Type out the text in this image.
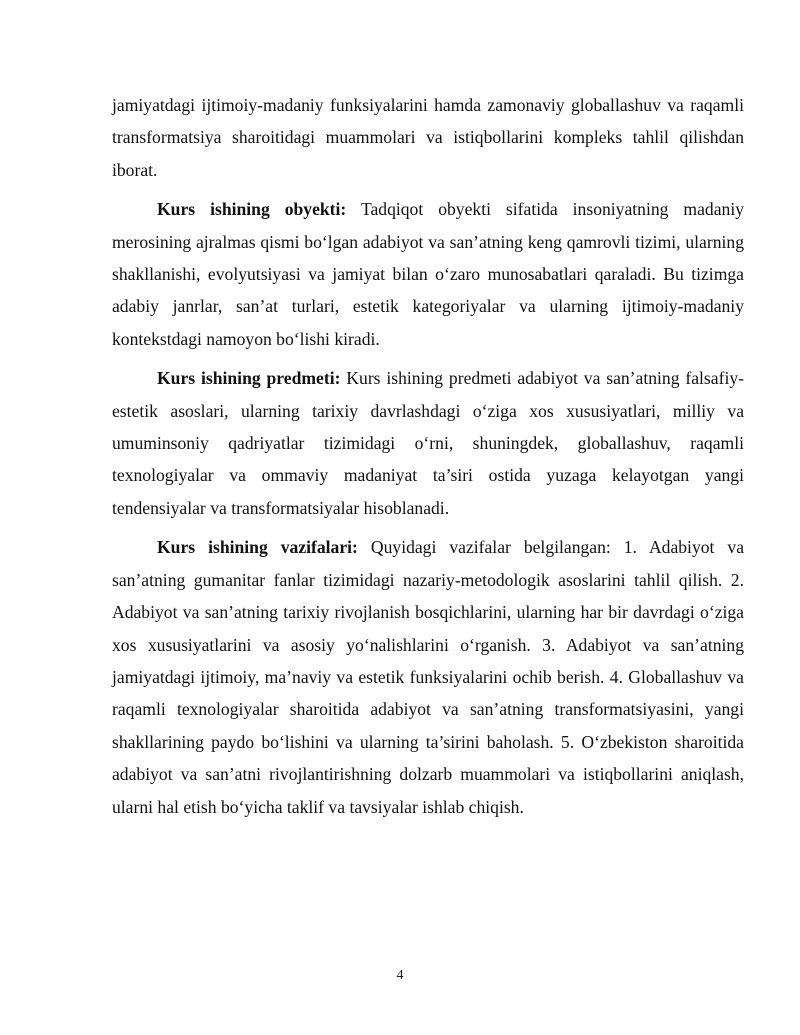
jamiyatdagi ijtimoiy-madaniy funksiyalarini hamda zamonaviy globallashuv va raqamli transformatsiya sharoitidagi muammolari va istiqbollarini kompleks tahlil qilishdan iborat.

Kurs ishining obyekti: Tadqiqot obyekti sifatida insoniyatning madaniy merosining ajralmas qismi bo‘lgan adabiyot va san’atning keng qamrovli tizimi, ularning shakllanishi, evolyutsiyasi va jamiyat bilan o‘zaro munosabatlari qaraladi. Bu tizimga adabiy janrlar, san’at turlari, estetik kategoriyalar va ularning ijtimoiy-madaniy kontekstdagi namoyon bo‘lishi kiradi.

Kurs ishining predmeti: Kurs ishining predmeti adabiyot va san’atning falsafiy-estetik asoslari, ularning tarixiy davrlashdagi o‘ziga xos xususiyatlari, milliy va umuminsoniy qadriyatlar tizimidagi o‘rni, shuningdek, globallashuv, raqamli texnologiyalar va ommaviy madaniyat ta’siri ostida yuzaga kelayotgan yangi tendensiyalar va transformatsiyalar hisoblanadi.

Kurs ishining vazifalari: Quyidagi vazifalar belgilangan: 1. Adabiyot va san’atning gumanitar fanlar tizimidagi nazariy-metodologik asoslarini tahlil qilish. 2. Adabiyot va san’atning tarixiy rivojlanish bosqichlarini, ularning har bir davrdagi o‘ziga xos xususiyatlarini va asosiy yo‘nalishlarini o‘rganish. 3. Adabiyot va san’atning jamiyatdagi ijtimoiy, ma’naviy va estetik funksiyalarini ochib berish. 4. Globallashuv va raqamli texnologiyalar sharoitida adabiyot va san’atning transformatsiyasini, yangi shakllarining paydo bo‘lishini va ularning ta’sirini baholash. 5. O‘zbekiston sharoitida adabiyot va san’atni rivojlantirishning dolzarb muammolari va istiqbollarini aniqlash, ularni hal etish bo‘yicha taklif va tavsiyalar ishlab chiqish.

4
